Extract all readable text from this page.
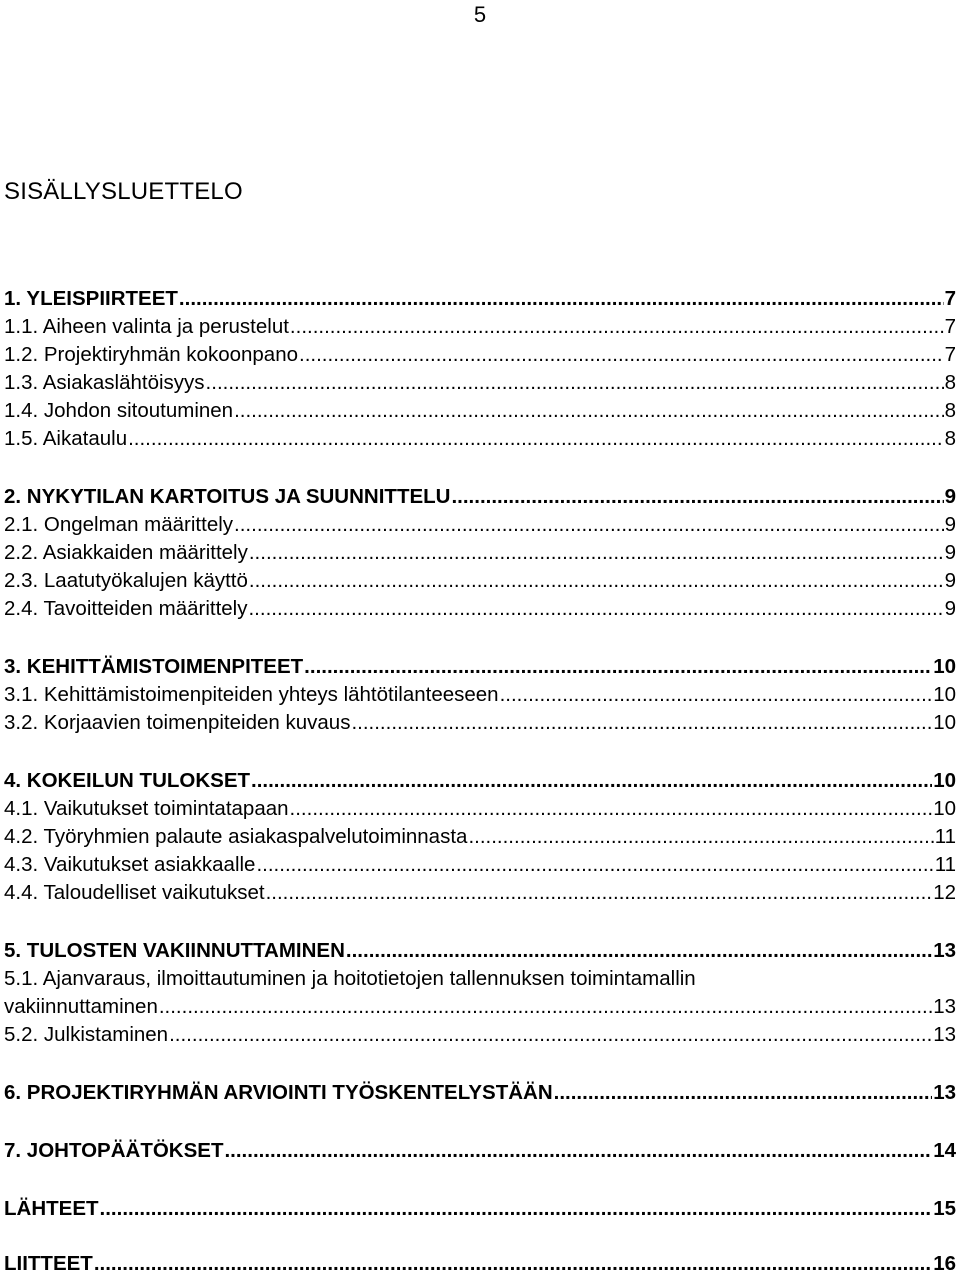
5
SISÄLLYSLUETTELO
1. YLEISPIIRTEET .....	7
1.1. Aiheen valinta ja perustelut .....	7
1.2. Projektiryhmän kokoonpano .....	7
1.3. Asiakaslähtöisyys .....	8
1.4. Johdon sitoutuminen .....	8
1.5. Aikataulu .....	8
2. NYKYTILAN KARTOITUS JA SUUNNITTELU .....	9
2.1. Ongelman määrittely .....	9
2.2. Asiakkaiden määrittely .....	9
2.3. Laatutyökalujen käyttö .....	9
2.4. Tavoitteiden määrittely .....	9
3. KEHITTÄMISTOIMENPITEET .....	10
3.1. Kehittämistoimenpiteiden yhteys lähtötilanteeseen .....	10
3.2. Korjaavien toimenpiteiden kuvaus .....	10
4. KOKEILUN TULOKSET .....	10
4.1. Vaikutukset toimintatapaan .....	10
4.2. Työryhmien palaute asiakaspalvelutoiminnasta .....	11
4.3. Vaikutukset asiakkaalle .....	11
4.4. Taloudelliset vaikutukset .....	12
5. TULOSTEN VAKIINNUTTAMINEN .....	13
5.1. Ajanvaraus, ilmoittautuminen ja hoitotietojen tallennuksen toimintamallin
vakiinnuttaminen .....	13
5.2. Julkistaminen .....	13
6. PROJEKTIRYHMÄN ARVIOINTI TYÖSKENTELYSTÄÄN .....	13
7. JOHTOPÄÄTÖKSET .....	14
LÄHTEET .....	15
LIITTEET .....	16
